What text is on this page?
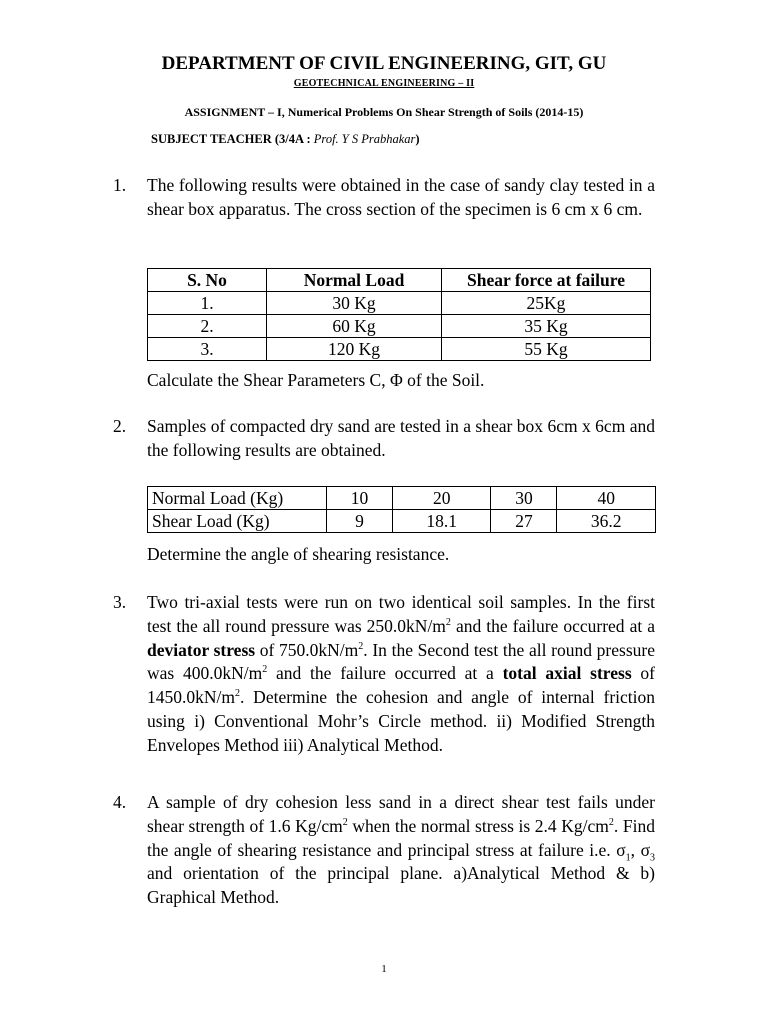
DEPARTMENT OF CIVIL ENGINEERING, GIT, GU
GEOTECHNICAL ENGINEERING – II
ASSIGNMENT – I, Numerical Problems On Shear Strength of Soils (2014-15)
SUBJECT TEACHER (3/4A : Prof. Y S Prabhakar)
1. The following results were obtained in the case of sandy clay tested in a shear box apparatus. The cross section of the specimen is 6 cm x 6 cm.

S. No	Normal Load	Shear force at failure
1.	30 Kg	25Kg
2.	60 Kg	35 Kg
3.	120 Kg	55 Kg
Calculate the Shear Parameters C, Φ of the Soil.
2. Samples of compacted dry sand are tested in a shear box 6cm x 6cm and the following results are obtained.

Normal Load (Kg)	10	20	30	40
Shear Load (Kg)	9	18.1	27	36.2
Determine the angle of shearing resistance.
3. Two tri-axial tests were run on two identical soil samples. In the first test the all round pressure was $250.0kN/m^2$ and the failure occurred at a deviator stress of $750.0kN/m^2$. In the Second test the all round pressure was $400.0kN/m^2$ and the failure occurred at a total axial stress of $1450.0kN/m^2$. Determine the cohesion and angle of internal friction using i) Conventional Mohr’s Circle method. ii) Modified Strength Envelopes Method iii) Analytical Method.

4. A sample of dry cohesion less sand in a direct shear test fails under shear strength of 1.6 $Kg/cm^2$ when the normal stress is 2.4 $Kg/cm^2$. Find the angle of shearing resistance and principal stress at failure i.e. $\sigma_1$, $\sigma_3$ and orientation of the principal plane. a)Analytical Method & b) Graphical Method.

1
